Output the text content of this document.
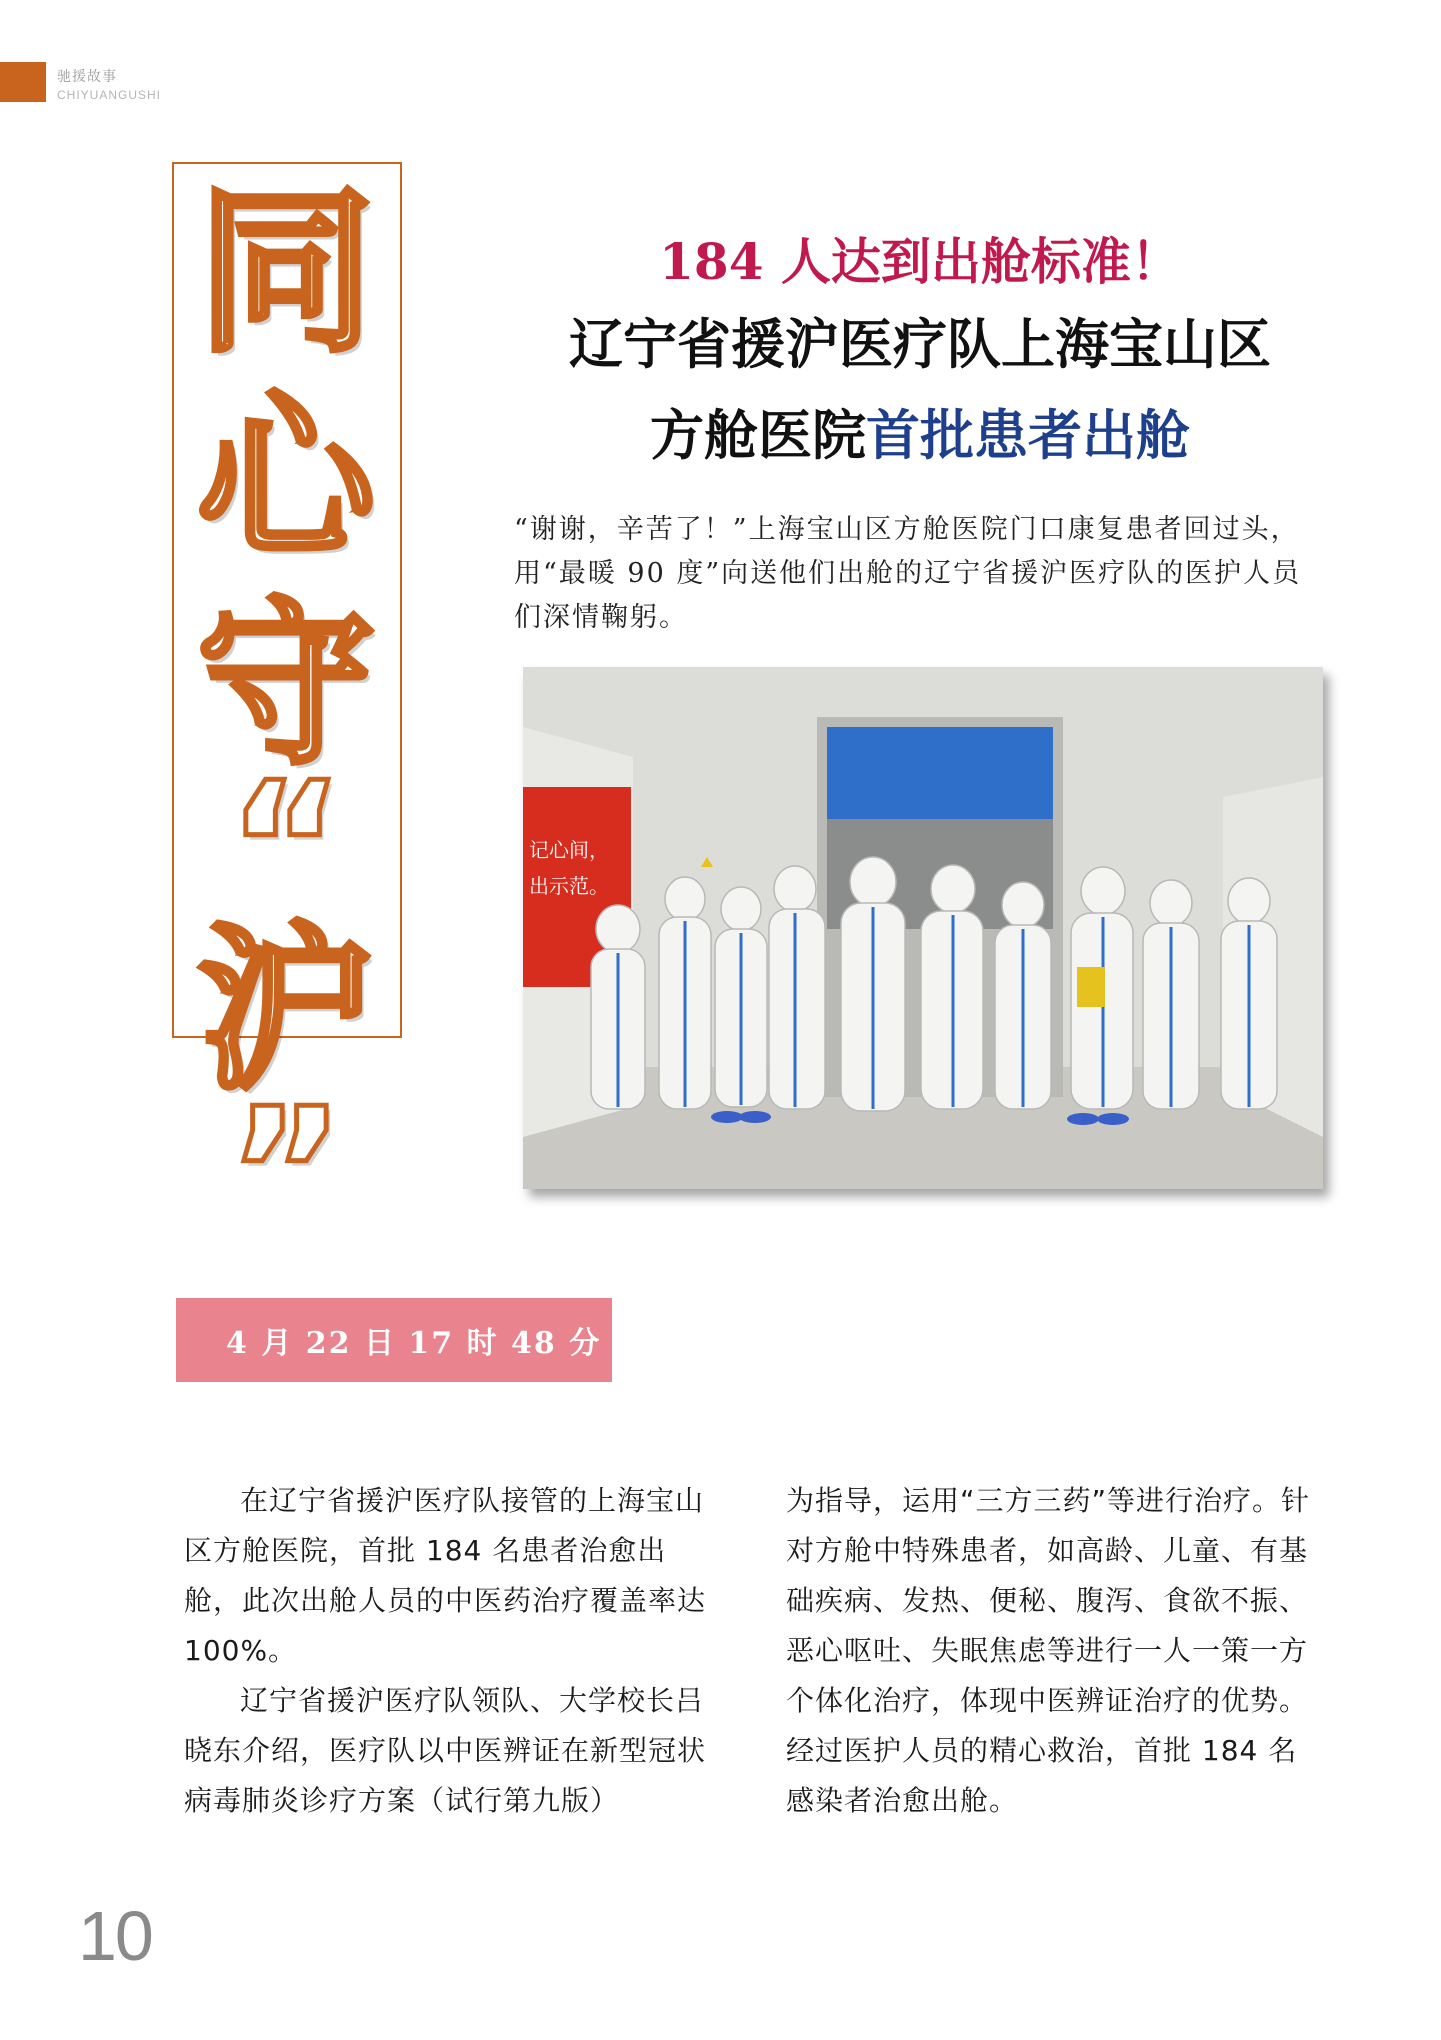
驰援故事
CHIYUANGUSHI
同
心
守
“
沪
”
184 人达到出舱标准！
辽宁省援沪医疗队上海宝山区
方舱医院首批患者出舱
“谢谢，辛苦了！”上海宝山区方舱医院门口康复患者回过头，用“最暖 90 度”向送他们出舱的辽宁省援沪医疗队的医护人员们深情鞠躬。
记心间，
出示范。
4 月 22 日 17 时 48 分

在辽宁省援沪医疗队接管的上海宝山区方舱医院，首批 184 名患者治愈出舱，此次出舱人员的中医药治疗覆盖率达 100%。

辽宁省援沪医疗队领队、大学校长吕晓东介绍，医疗队以中医辨证在新型冠状病毒肺炎诊疗方案（试行第九版）

为指导，运用“三方三药”等进行治疗。针对方舱中特殊患者，如高龄、儿童、有基础疾病、发热、便秘、腹泻、食欲不振、恶心呕吐、失眠焦虑等进行一人一策一方个体化治疗，体现中医辨证治疗的优势。经过医护人员的精心救治，首批 184 名感染者治愈出舱。

10
